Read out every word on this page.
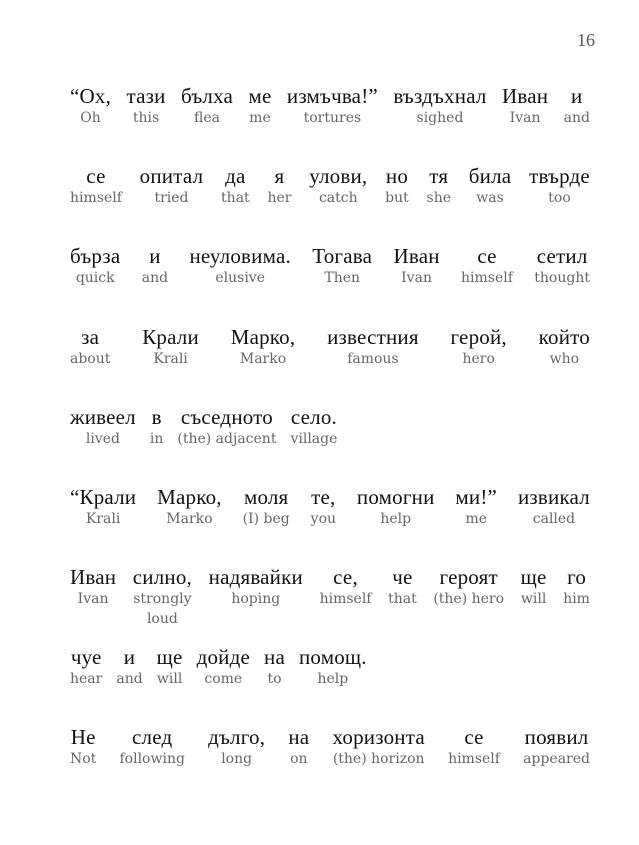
16
“Ох,
Oh
тази
this
бълха
flea
ме
me
измъчва!”
tortures
въздъхнал
sighed
Иван
Ivan
и
and
се
himself
опитал
tried
да
that
я
her
улови,
catch
но
but
тя
she
била
was
твърде
too
бърза
quick
и
and
неуловима.
elusive
Тогава
Then
Иван
Ivan
се
himself
сетил
thought
за
about
Крали
Krali
Марко,
Marko
известния
famous
герой,
hero
който
who
живеел
lived
в
in
съседното
(the) adjacent
село.
village
“Крали
Krali
Марко,
Marko
моля
(I) beg
те,
you
помогни
help
ми!”
me
извикал
called
Иван
Ivan
силно,
strongly
loud
надявайки
hoping
се,
himself
че
that
героят
(the) hero
ще
will
го
him
чуе
hear
и
and
ще
will
дойде
come
на
to
помощ.
help
Не
Not
след
following
дълго,
long
на
on
хоризонта
(the) horizon
се
himself
появил
appeared
